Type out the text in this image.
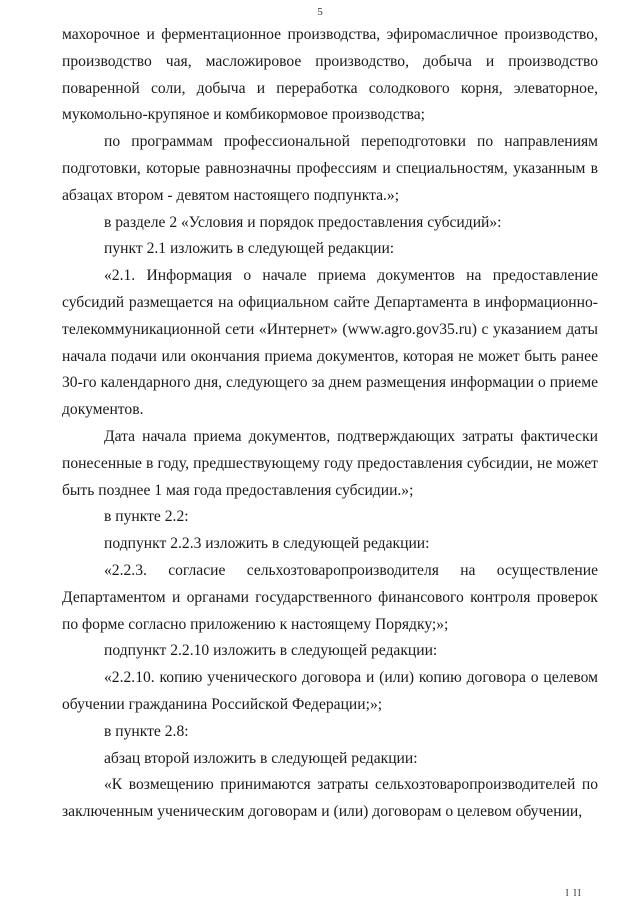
5

махорочное и ферментационное производства, эфиромасличное производство, производство чая, масложировое производство, добыча и производство поваренной соли, добыча и переработка солодкового корня, элеваторное, мукомольно-крупяное и комбикормовое производства;

по программам профессиональной переподготовки по направлениям подготовки, которые равнозначны профессиям и специальностям, указанным в абзацах втором - девятом настоящего подпункта.»;

в разделе 2 «Условия и порядок предоставления субсидий»:

пункт 2.1 изложить в следующей редакции:

«2.1. Информация о начале приема документов на предоставление субсидий размещается на официальном сайте Департамента в информационно-телекоммуникационной сети «Интернет» (www.agro.gov35.ru) с указанием даты начала подачи или окончания приема документов, которая не может быть ранее 30-го календарного дня, следующего за днем размещения информации о приеме документов.

Дата начала приема документов, подтверждающих затраты фактически понесенные в году, предшествующему году предоставления субсидии, не может быть позднее 1 мая года предоставления субсидии.»;

в пункте 2.2:

подпункт 2.2.3 изложить в следующей редакции:

«2.2.3. согласие сельхозтоваропроизводителя на осуществление Департаментом и органами государственного финансового контроля проверок по форме согласно приложению к настоящему Порядку;»;

подпункт 2.2.10 изложить в следующей редакции:

«2.2.10. копию ученического договора и (или) копию договора о целевом обучении гражданина Российской Федерации;»;

в пункте 2.8:

абзац второй изложить в следующей редакции:

«К возмещению принимаются затраты сельхозтоваропроизводителей по заключенным ученическим договорам и (или) договорам о целевом обучении,

I II
